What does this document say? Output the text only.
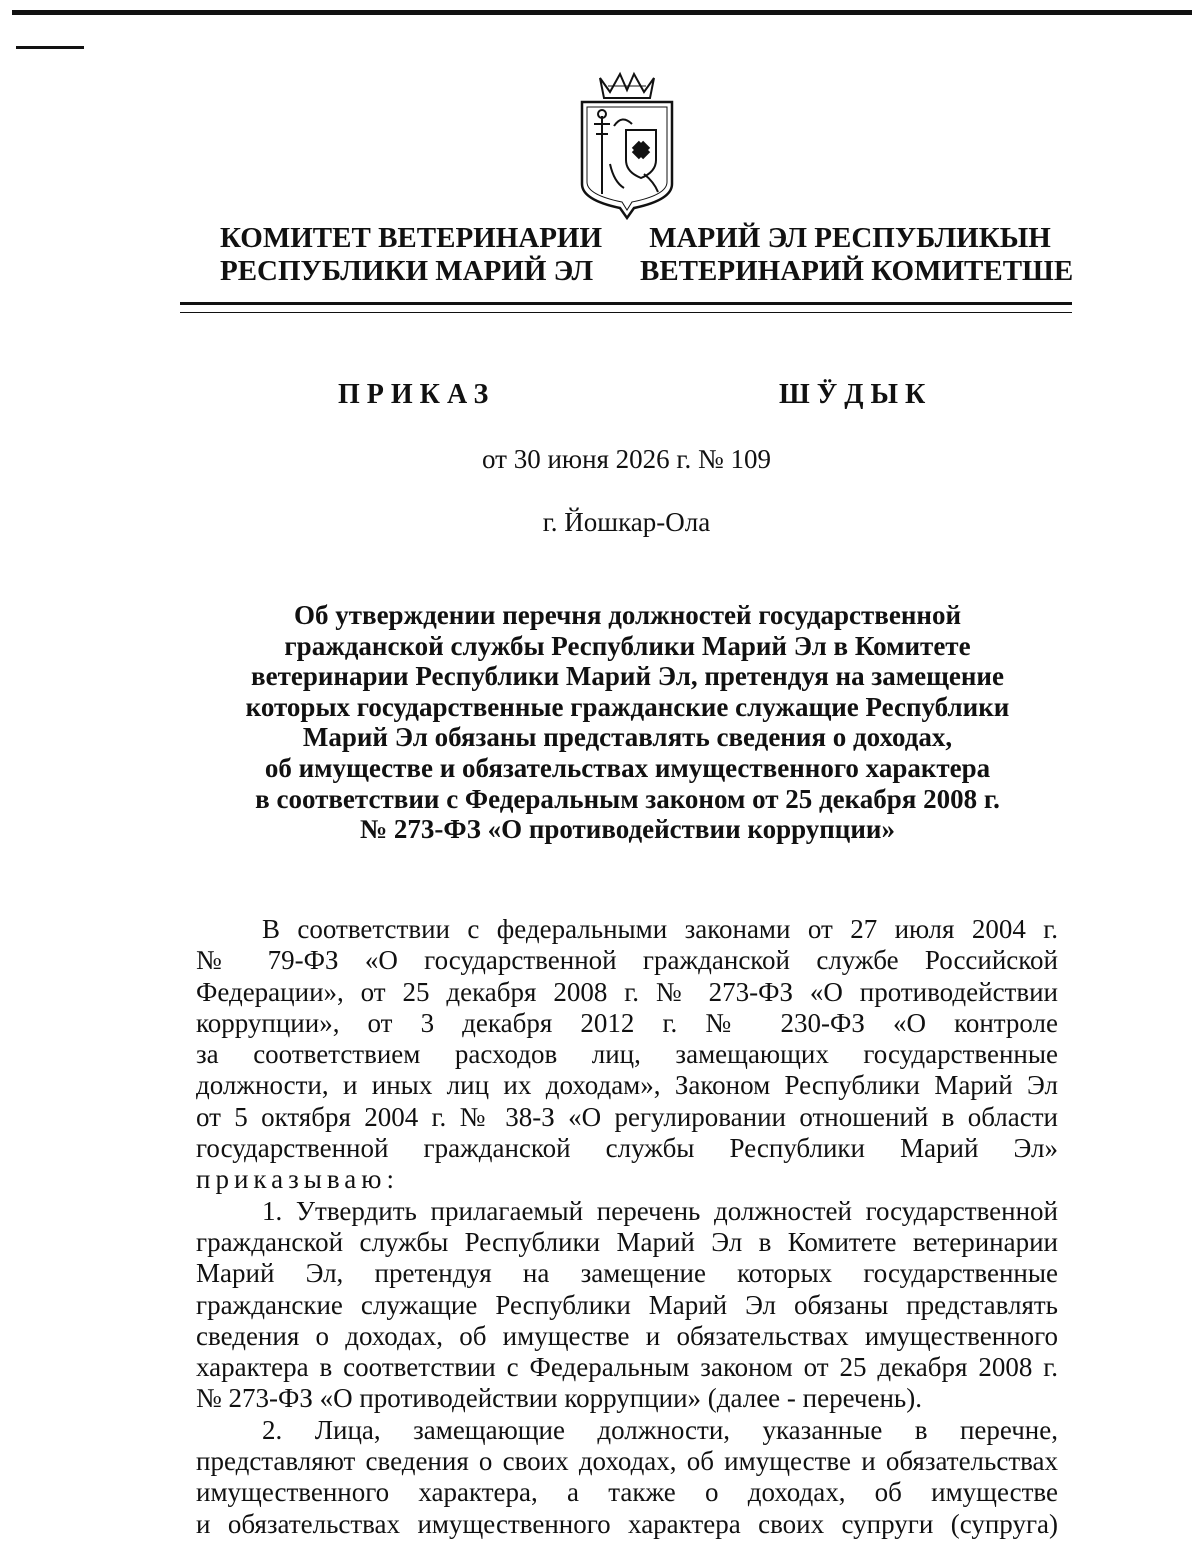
КОМИТЕТ ВЕТЕРИНАРИИ
РЕСПУБЛИКИ МАРИЙ ЭЛ
МАРИЙ ЭЛ РЕСПУБЛИКЫН
ВЕТЕРИНАРИЙ КОМИТЕТШЕ
ПРИКАЗ	ШӰДЫК
от 30 июня 2026 г. № 109
г. Йошкар-Ола
Об утверждении перечня должностей государственной
гражданской службы Республики Марий Эл в Комитете
ветеринарии Республики Марий Эл, претендуя на замещение
которых государственные гражданские служащие Республики
Марий Эл обязаны представлять сведения о доходах,
об имуществе и обязательствах имущественного характера
в соответствии с Федеральным законом от 25 декабря 2008 г.
№ 273-ФЗ «О противодействии коррупции»
В соответствии с федеральными законами от 27 июля 2004 г.
№ 79-ФЗ «О государственной гражданской службе Российской
Федерации», от 25 декабря 2008 г. № 273-ФЗ «О противодействии
коррупции», от 3 декабря 2012 г. № 230-ФЗ «О контроле
за соответствием расходов лиц, замещающих государственные
должности, и иных лиц их доходам», Законом Республики Марий Эл
от 5 октября 2004 г. № 38-З «О регулировании отношений в области
государственной гражданской службы Республики Марий Эл»
приказываю:
1. Утвердить прилагаемый перечень должностей государственной
гражданской службы Республики Марий Эл в Комитете ветеринарии
Марий Эл, претендуя на замещение которых государственные
гражданские служащие Республики Марий Эл обязаны представлять
сведения о доходах, об имуществе и обязательствах имущественного
характера в соответствии с Федеральным законом от 25 декабря 2008 г.
№ 273-ФЗ «О противодействии коррупции» (далее - перечень).
2. Лица, замещающие должности, указанные в перечне,
представляют сведения о своих доходах, об имуществе и обязательствах
имущественного характера, а также о доходах, об имуществе
и обязательствах имущественного характера своих супруги (супруга)
